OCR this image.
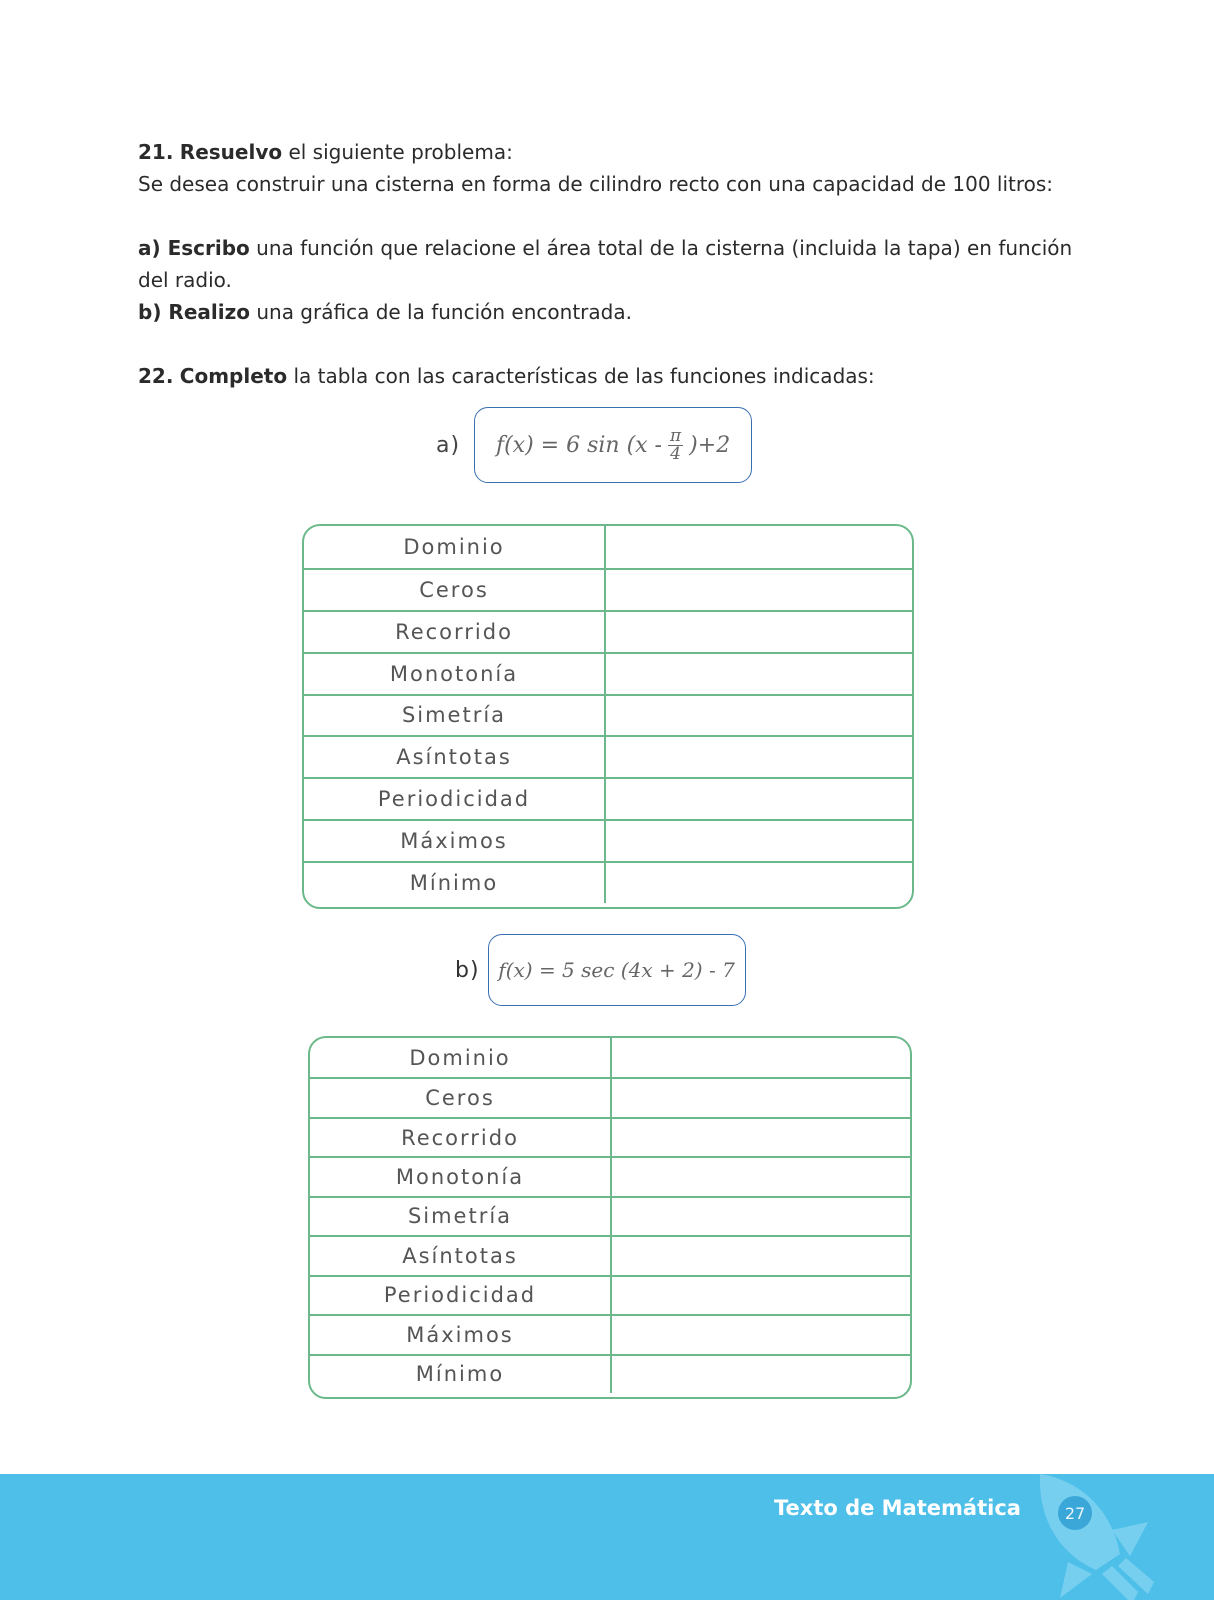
21. Resuelvo el siguiente problema:
Se desea construir una cisterna en forma de cilindro recto con una capacidad de 100 litros:
a) Escribo una función que relacione el área total de la cisterna (incluida la tapa) en función del radio.
b) Realizo una gráfica de la función encontrada.
22. Completo la tabla con las características de las funciones indicadas:
a) f(x) = 6 $\sin (x - \frac{\pi}{4} )+2$
Dominio
Ceros
Recorrido
Monotonía
Simetría
Asíntotas
Periodicidad
Máximos
Mínimo
b) f(x) = 5 sec (4x + 2) - 7
Dominio
Ceros
Recorrido
Monotonía
Simetría
Asíntotas
Periodicidad
Máximos
Mínimo
Texto de Matemática	27
